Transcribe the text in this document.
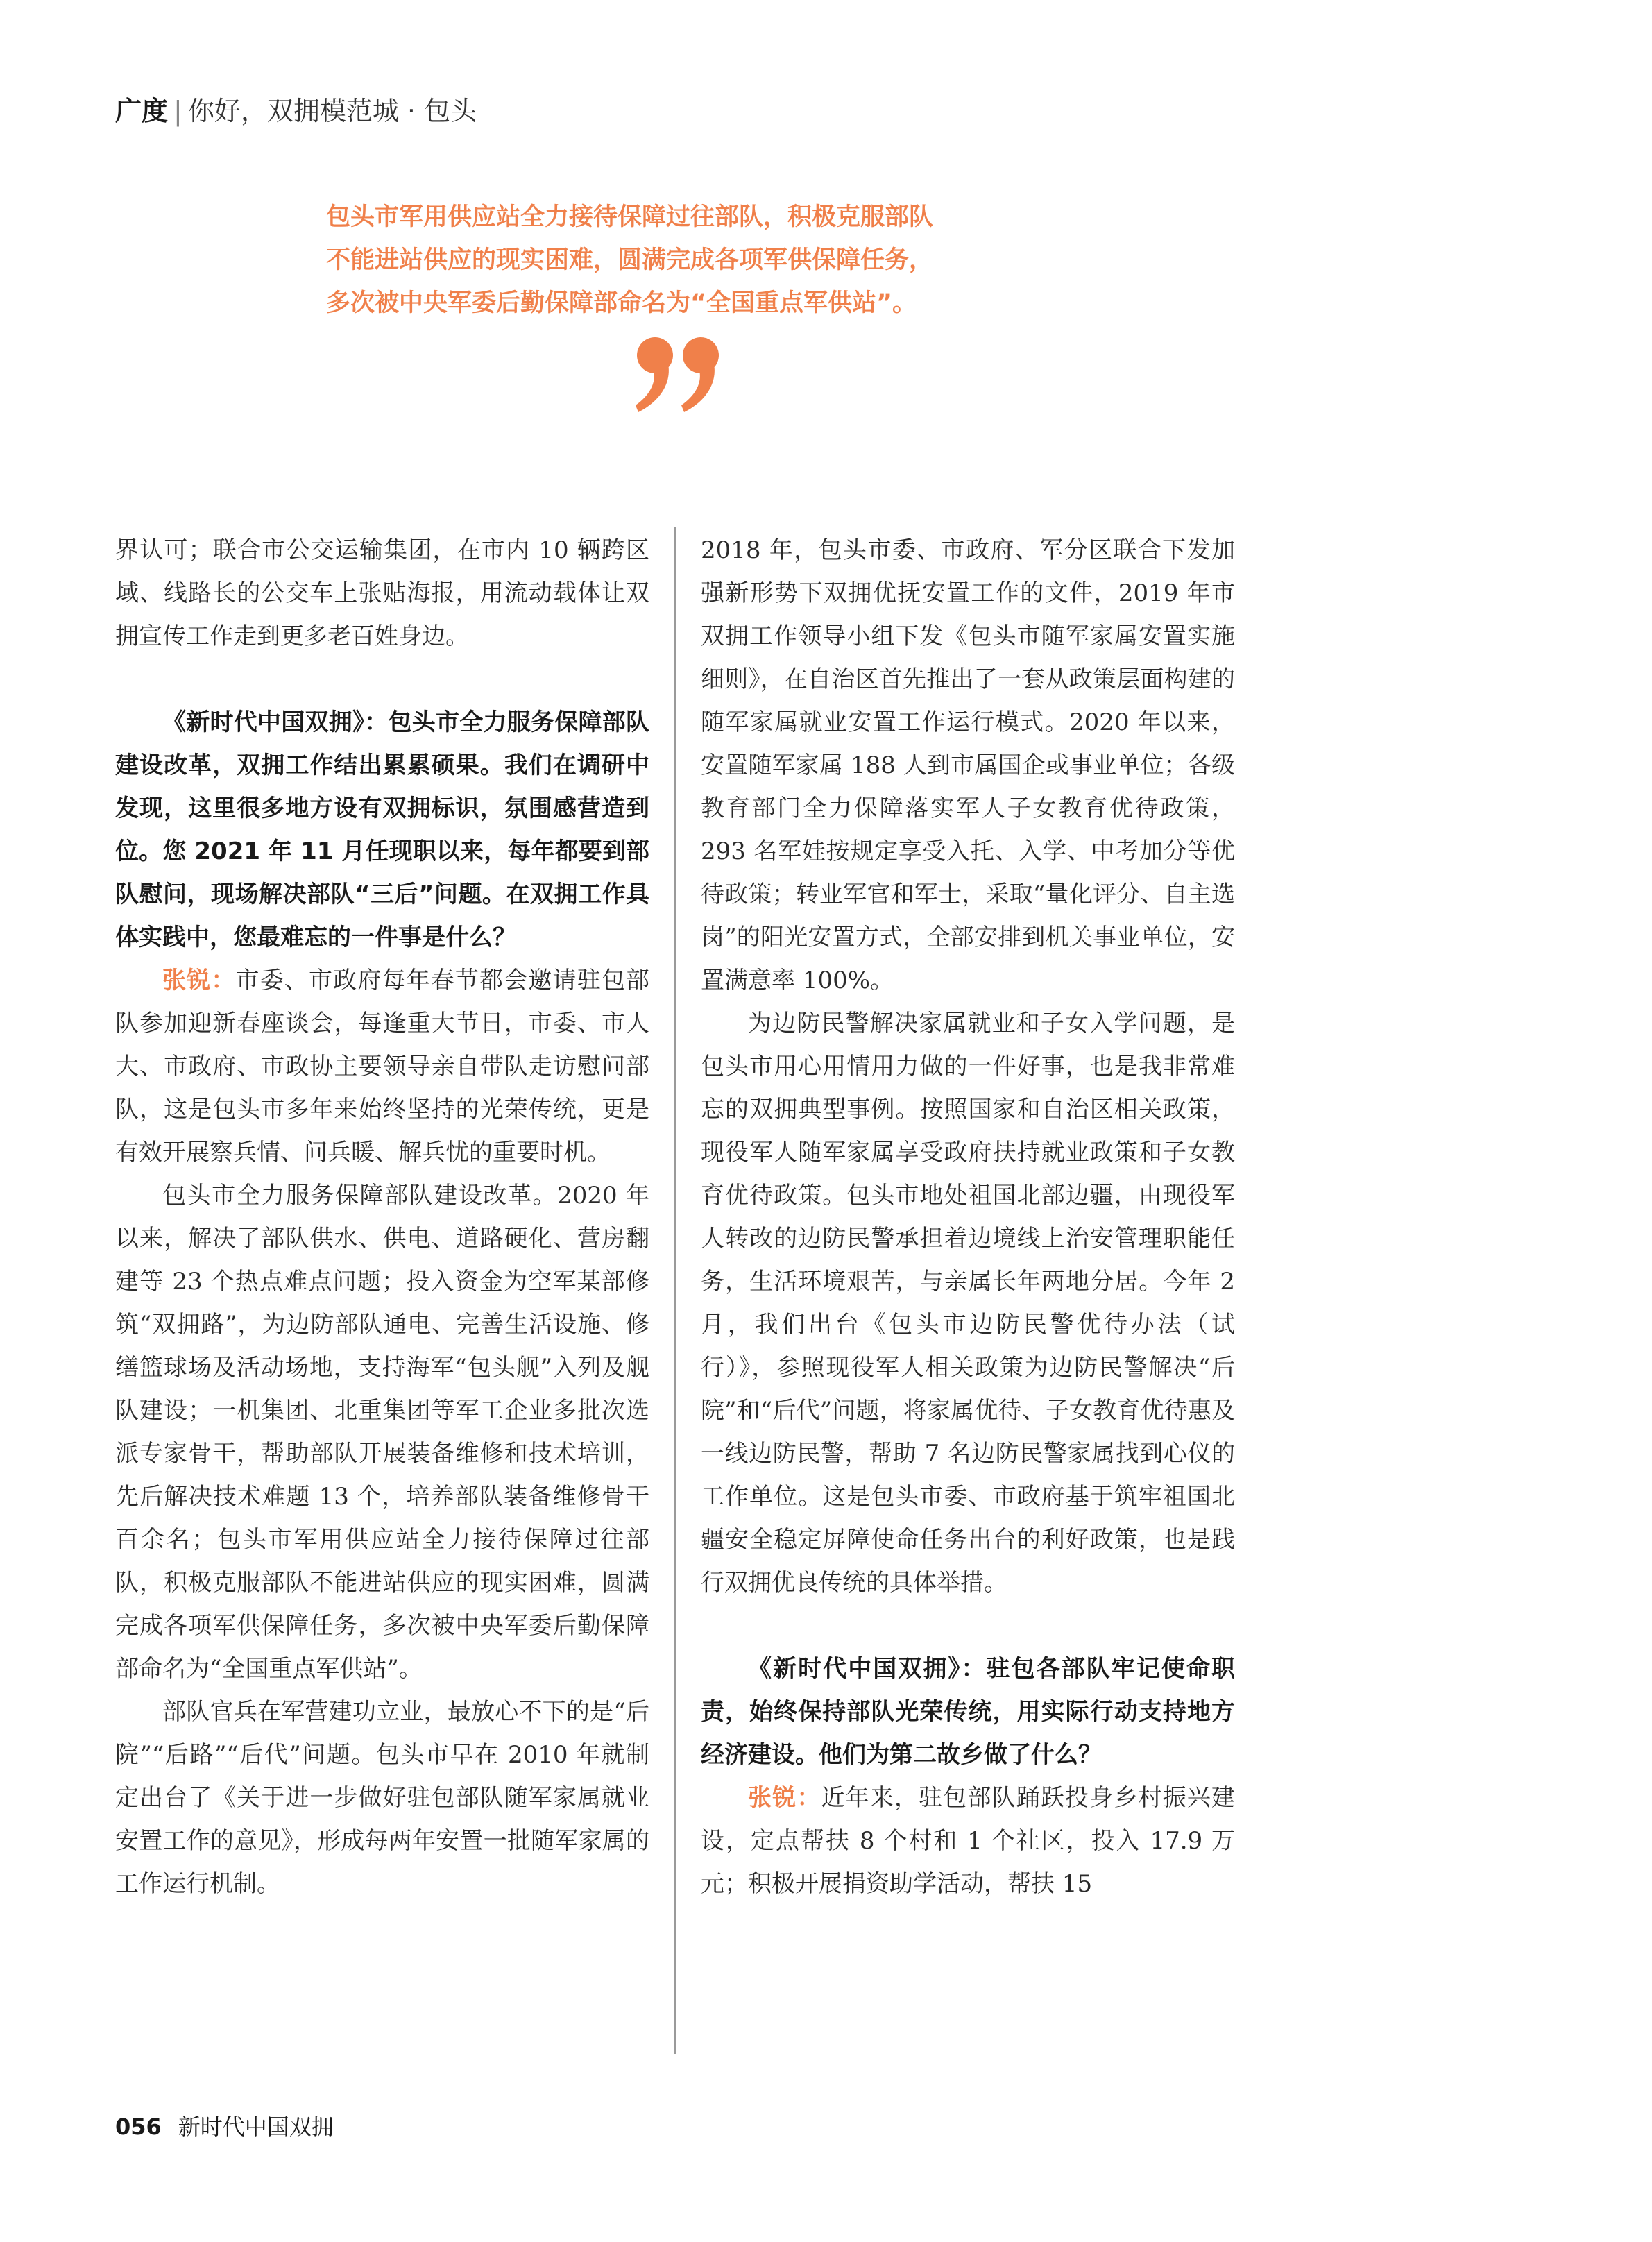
广度 | 你好，双拥模范城 · 包头
包头市军用供应站全力接待保障过往部队，积极克服部队
不能进站供应的现实困难，圆满完成各项军供保障任务，
多次被中央军委后勤保障部命名为“全国重点军供站”。

界认可；联合市公交运输集团，在市内 10 辆跨区域、线路长的公交车上张贴海报，用流动载体让双拥宣传工作走到更多老百姓身边。

《新时代中国双拥》：包头市全力服务保障部队建设改革，双拥工作结出累累硕果。我们在调研中发现，这里很多地方设有双拥标识，氛围感营造到位。您 2021 年 11 月任现职以来，每年都要到部队慰问，现场解决部队“三后”问题。在双拥工作具体实践中，您最难忘的一件事是什么？

张锐：市委、市政府每年春节都会邀请驻包部队参加迎新春座谈会，每逢重大节日，市委、市人大、市政府、市政协主要领导亲自带队走访慰问部队，这是包头市多年来始终坚持的光荣传统，更是有效开展察兵情、问兵暖、解兵忧的重要时机。

包头市全力服务保障部队建设改革。2020 年以来，解决了部队供水、供电、道路硬化、营房翻建等 23 个热点难点问题；投入资金为空军某部修筑“双拥路”，为边防部队通电、完善生活设施、修缮篮球场及活动场地，支持海军“包头舰”入列及舰队建设；一机集团、北重集团等军工企业多批次选派专家骨干，帮助部队开展装备维修和技术培训，先后解决技术难题 13 个，培养部队装备维修骨干百余名；包头市军用供应站全力接待保障过往部队，积极克服部队不能进站供应的现实困难，圆满完成各项军供保障任务，多次被中央军委后勤保障部命名为“全国重点军供站”。

部队官兵在军营建功立业，最放心不下的是“后院”“后路”“后代”问题。包头市早在 2010 年就制定出台了《关于进一步做好驻包部队随军家属就业安置工作的意见》，形成每两年安置一批随军家属的工作运行机制。

2018 年，包头市委、市政府、军分区联合下发加强新形势下双拥优抚安置工作的文件，2019 年市双拥工作领导小组下发《包头市随军家属安置实施细则》，在自治区首先推出了一套从政策层面构建的随军家属就业安置工作运行模式。2020 年以来，安置随军家属 188 人到市属国企或事业单位；各级教育部门全力保障落实军人子女教育优待政策，293 名军娃按规定享受入托、入学、中考加分等优待政策；转业军官和军士，采取“量化评分、自主选岗”的阳光安置方式，全部安排到机关事业单位，安置满意率 100%。

为边防民警解决家属就业和子女入学问题，是包头市用心用情用力做的一件好事，也是我非常难忘的双拥典型事例。按照国家和自治区相关政策，现役军人随军家属享受政府扶持就业政策和子女教育优待政策。包头市地处祖国北部边疆，由现役军人转改的边防民警承担着边境线上治安管理职能任务，生活环境艰苦，与亲属长年两地分居。今年 2 月，我们出台《包头市边防民警优待办法（试行）》，参照现役军人相关政策为边防民警解决“后院”和“后代”问题，将家属优待、子女教育优待惠及一线边防民警，帮助 7 名边防民警家属找到心仪的工作单位。这是包头市委、市政府基于筑牢祖国北疆安全稳定屏障使命任务出台的利好政策，也是践行双拥优良传统的具体举措。

《新时代中国双拥》：驻包各部队牢记使命职责，始终保持部队光荣传统，用实际行动支持地方经济建设。他们为第二故乡做了什么？

张锐：近年来，驻包部队踊跃投身乡村振兴建设，定点帮扶 8 个村和 1 个社区，投入 17.9 万元；积极开展捐资助学活动，帮扶 15

056 新时代中国双拥
